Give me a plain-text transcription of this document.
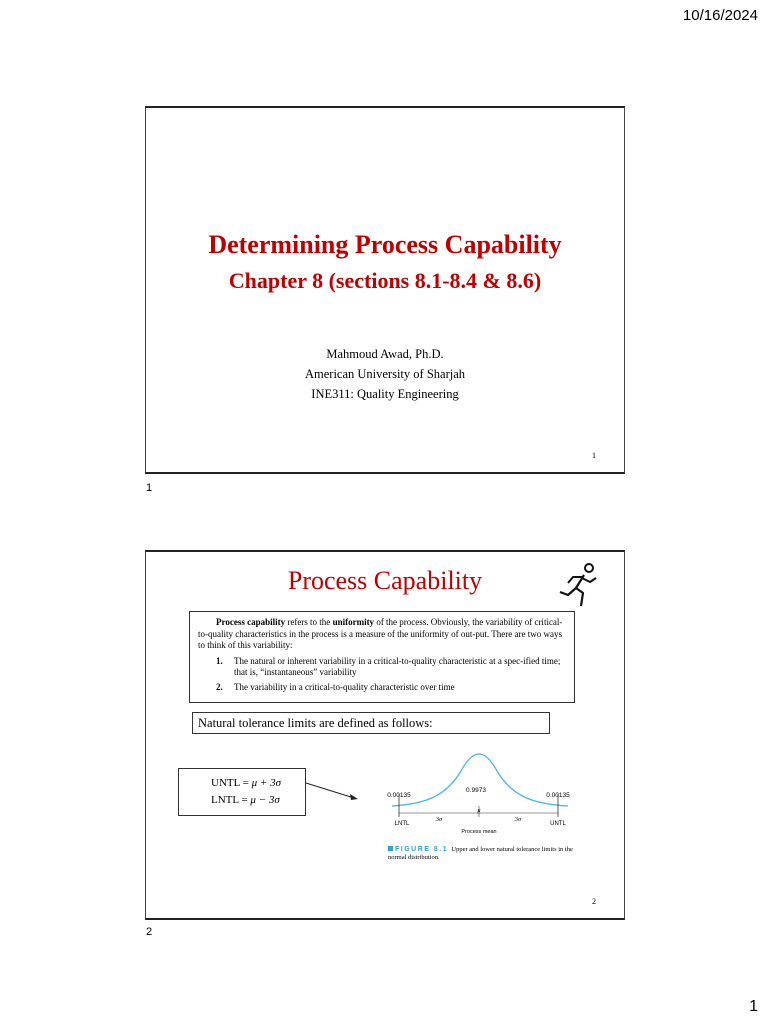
10/16/2024
Determining Process Capability
Chapter 8 (sections 8.1-8.4 & 8.6)
Mahmoud Awad, Ph.D.
American University of Sharjah
INE311: Quality Engineering
1
1
Process Capability

Process capability refers to the uniformity of the process. Obviously, the variability of critical-to-quality characteristics in the process is a measure of the uniformity of out-put. There are two ways to think of this variability:

1. The natural or inherent variability in a critical-to-quality characteristic at a spec-ified time; that is, “instantaneous” variability
2. The variability in a critical-to-quality characteristic over time
Natural tolerance limits are defined as follows:
UNTL = μ + 3σ
LNTL = μ − 3σ	0.00135
0.9973
0.00135
μ
LNTL
3σ	3σ
UNTL
Process mean
FIGURE 8.1 Upper and lower natural tolerance limits in the normal distribution.
2
2
1
